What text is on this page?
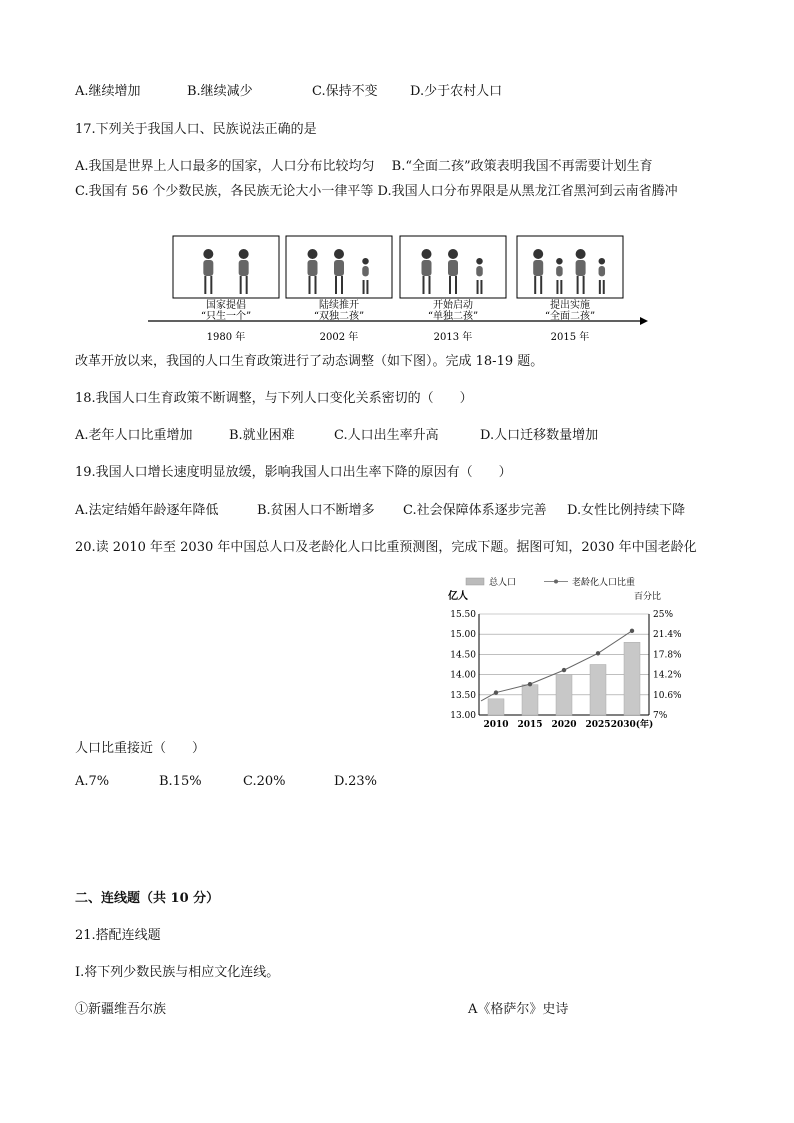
A.继续增加	B.继续减少	C.保持不变 D.少于农村人口
17.下列关于我国人口、民族说法正确的是
A.我国是世界上人口最多的国家，人口分布比较均匀　 B.“全面二孩”政策表明我国不再需要计划生育
C.我国有 56 个少数民族，各民族无论大小一律平等 D.我国人口分布界限是从黑龙江省黑河到云南省腾冲
国家提倡
“只生一个”
1980 年
陆续推开
“双独二孩”
2002 年
开始启动
“单独二孩”
2013 年
提出实施
“全面二孩”
2015 年
改革开放以来，我国的人口生育政策进行了动态调整（如下图）。完成 18-19 题。
18.我国人口生育政策不断调整，与下列人口变化关系密切的（　　）
A.老年人口比重增加	B.就业困难	C.人口出生率升高	D.人口迁移数量增加
19.我国人口增长速度明显放缓，影响我国人口出生率下降的原因有（　　）
A.法定结婚年龄逐年降低	B.贫困人口不断增多 C.社会保障体系逐步完善 D.女性比例持续下降
20.读 2010 年至 2030 年中国总人口及老龄化人口比重预测图，完成下题。据图可知，2030 年中国老龄化
总人口	老龄化人口比重
亿人	百分比
13.00
13.50
14.00
14.50
15.00
15.50
7%
10.6%
14.2%
17.8%
21.4%
25%
2010 2015 2020 2025 2030(年)
人口比重接近（　　）
A.7%	B.15%	C.20%	D.23%
二、连线题（共 10 分）
21.搭配连线题
Ⅰ.将下列少数民族与相应文化连线。
①新疆维吾尔族	A《格萨尔》史诗
